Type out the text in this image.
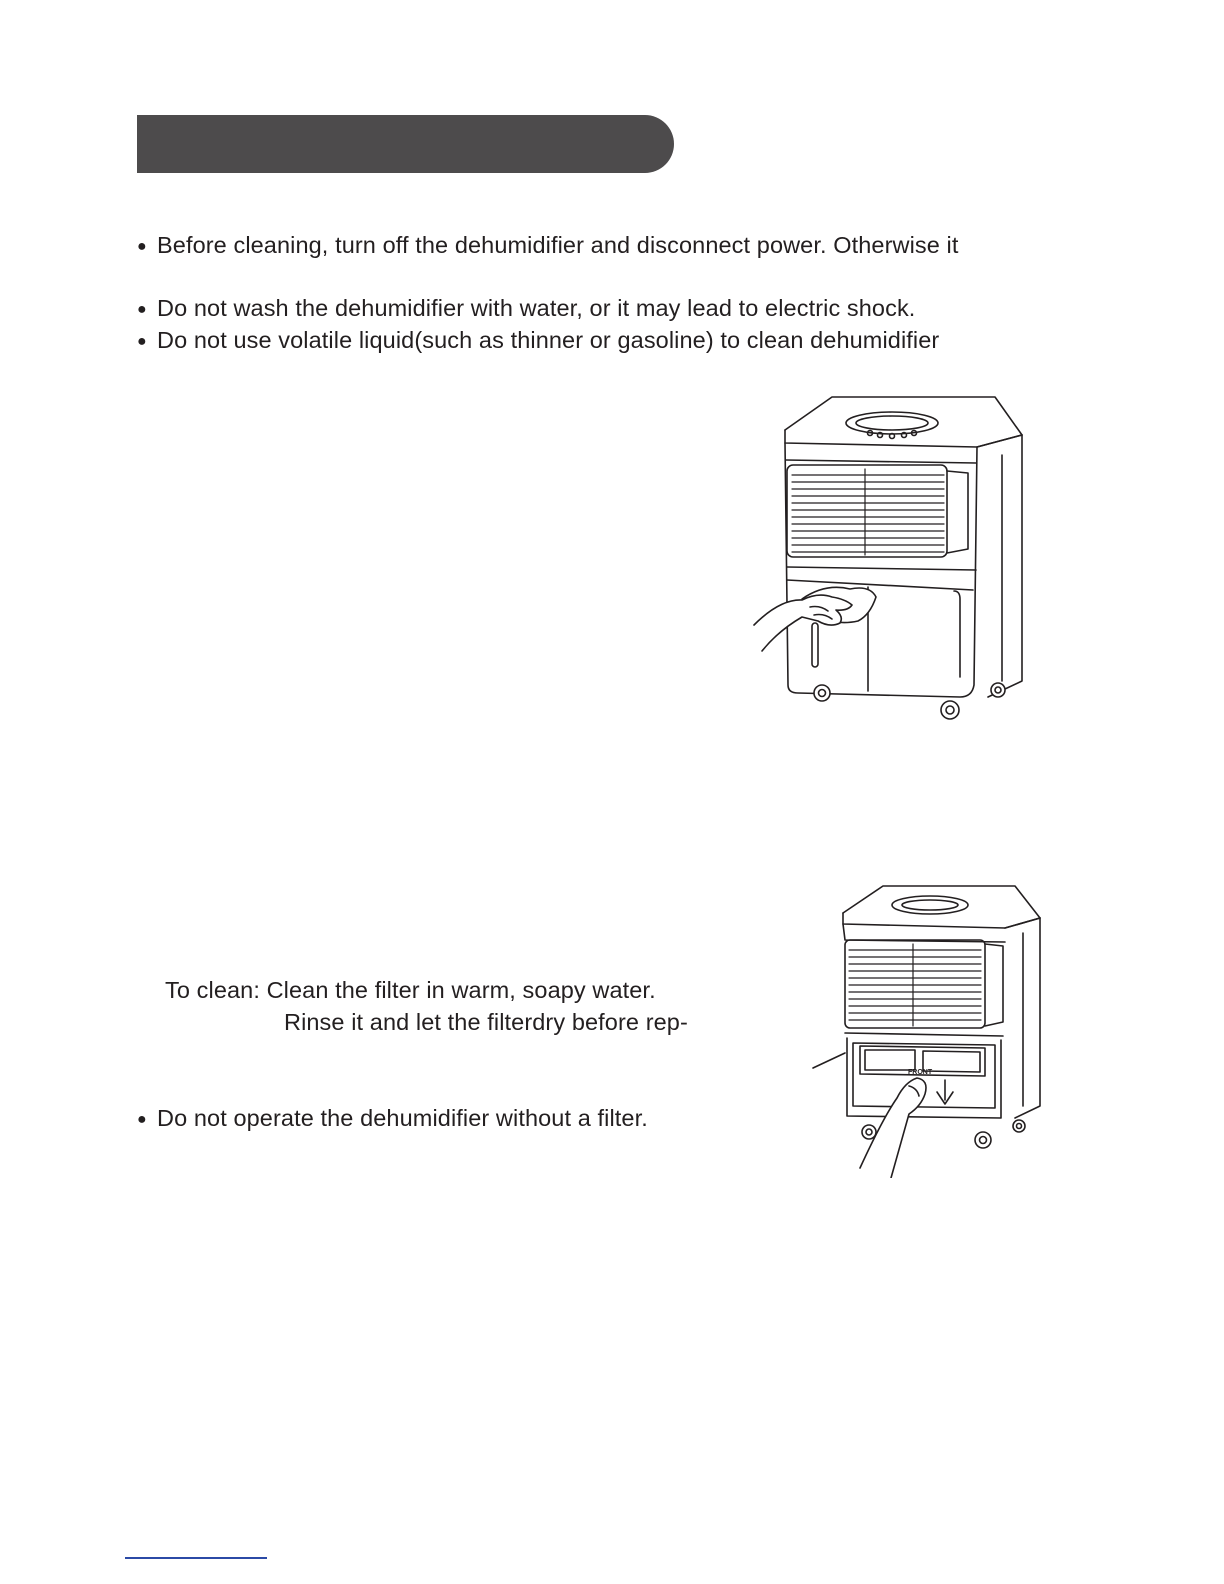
● Before cleaning, turn off the dehumidifier and disconnect power. Otherwise it
● Do not wash the dehumidifier with water, or it may lead to electric shock.
● Do not use volatile liquid(such as thinner or gasoline) to clean dehumidifier
To clean: Clean the filter in warm, soapy water.
Rinse it and let the filterdry before rep-
● Do not operate the dehumidifier without a filter.
FRONT
